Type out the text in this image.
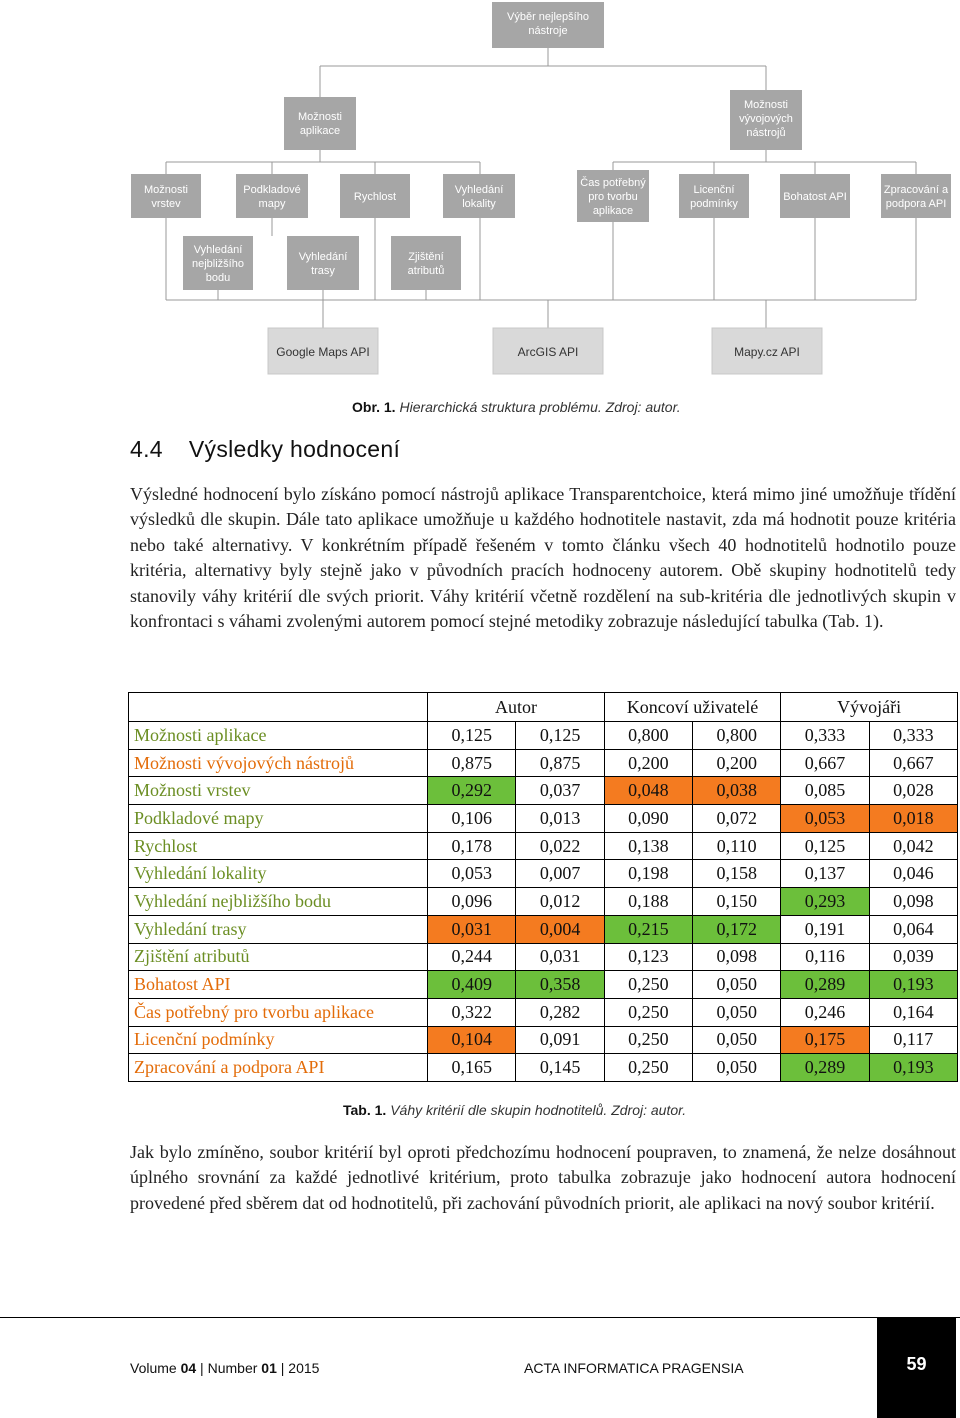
Výběr nejlepšího nástroje
Možnosti aplikace
Možnosti vývojových nástrojů
Možnosti vrstev
Podkladové mapy
Rychlost
Vyhledání lokality
Čas potřebný pro tvorbu aplikace
Licenční podmínky
Bohatost API
Zpracování a podpora API
Vyhledání nejbližšího bodu
Vyhledání trasy
Zjištění atributů
Google Maps API	ArcGIS API	Mapy.cz API
Obr. 1. Hierarchická struktura problému. Zdroj: autor.
4.4 Výsledky hodnocení

Výsledné hodnocení bylo získáno pomocí nástrojů aplikace Transparentchoice, která mimo jiné umožňuje třídění výsledků dle skupin. Dále tato aplikace umožňuje u každého hodnotitele nastavit, zda má hodnotit pouze kritéria nebo také alternativy. V konkrétním případě řešeném v tomto článku všech 40 hodnotitelů hodnotilo pouze kritéria, alternativy byly stejně jako v původních pracích hodnoceny autorem. Obě skupiny hodnotitelů tedy stanovily váhy kritérií dle svých priorit. Váhy kritérií včetně rozdělení na sub-kritéria dle jednotlivých skupin v konfrontaci s váhami zvolenými autorem pomocí stejné metodiky zobrazuje následující tabulka (Tab. 1).

	Autor		Koncoví uživatelé		Vývojáři	
Možnosti aplikace	0,125	0,125	0,800	0,800	0,333	0,333
Možnosti vývojových nástrojů	0,875	0,875	0,200	0,200	0,667	0,667
Možnosti vrstev	0,292	0,037	0,048	0,038	0,085	0,028
Podkladové mapy	0,106	0,013	0,090	0,072	0,053	0,018
Rychlost	0,178	0,022	0,138	0,110	0,125	0,042
Vyhledání lokality	0,053	0,007	0,198	0,158	0,137	0,046
Vyhledání nejbližšího bodu	0,096	0,012	0,188	0,150	0,293	0,098
Vyhledání trasy	0,031	0,004	0,215	0,172	0,191	0,064
Zjištění atributů	0,244	0,031	0,123	0,098	0,116	0,039
Bohatost API	0,409	0,358	0,250	0,050	0,289	0,193
Čas potřebný pro tvorbu aplikace	0,322	0,282	0,250	0,050	0,246	0,164
Licenční podmínky	0,104	0,091	0,250	0,050	0,175	0,117
Zpracování a podpora API	0,165	0,145	0,250	0,050	0,289	0,193
Tab. 1. Váhy kritérií dle skupin hodnotitelů. Zdroj: autor.

Jak bylo zmíněno, soubor kritérií byl oproti předchozímu hodnocení poupraven, to znamená, že nelze dosáhnout úplného srovnání za každé jednotlivé kritérium, proto tabulka zobrazuje jako hodnocení autora hodnocení provedené před sběrem dat od hodnotitelů, při zachování původních priorit, ale aplikaci na nový soubor kritérií.

Volume 04 | Number 01 | 2015	ACTA INFORMATICA PRAGENSIA	59
